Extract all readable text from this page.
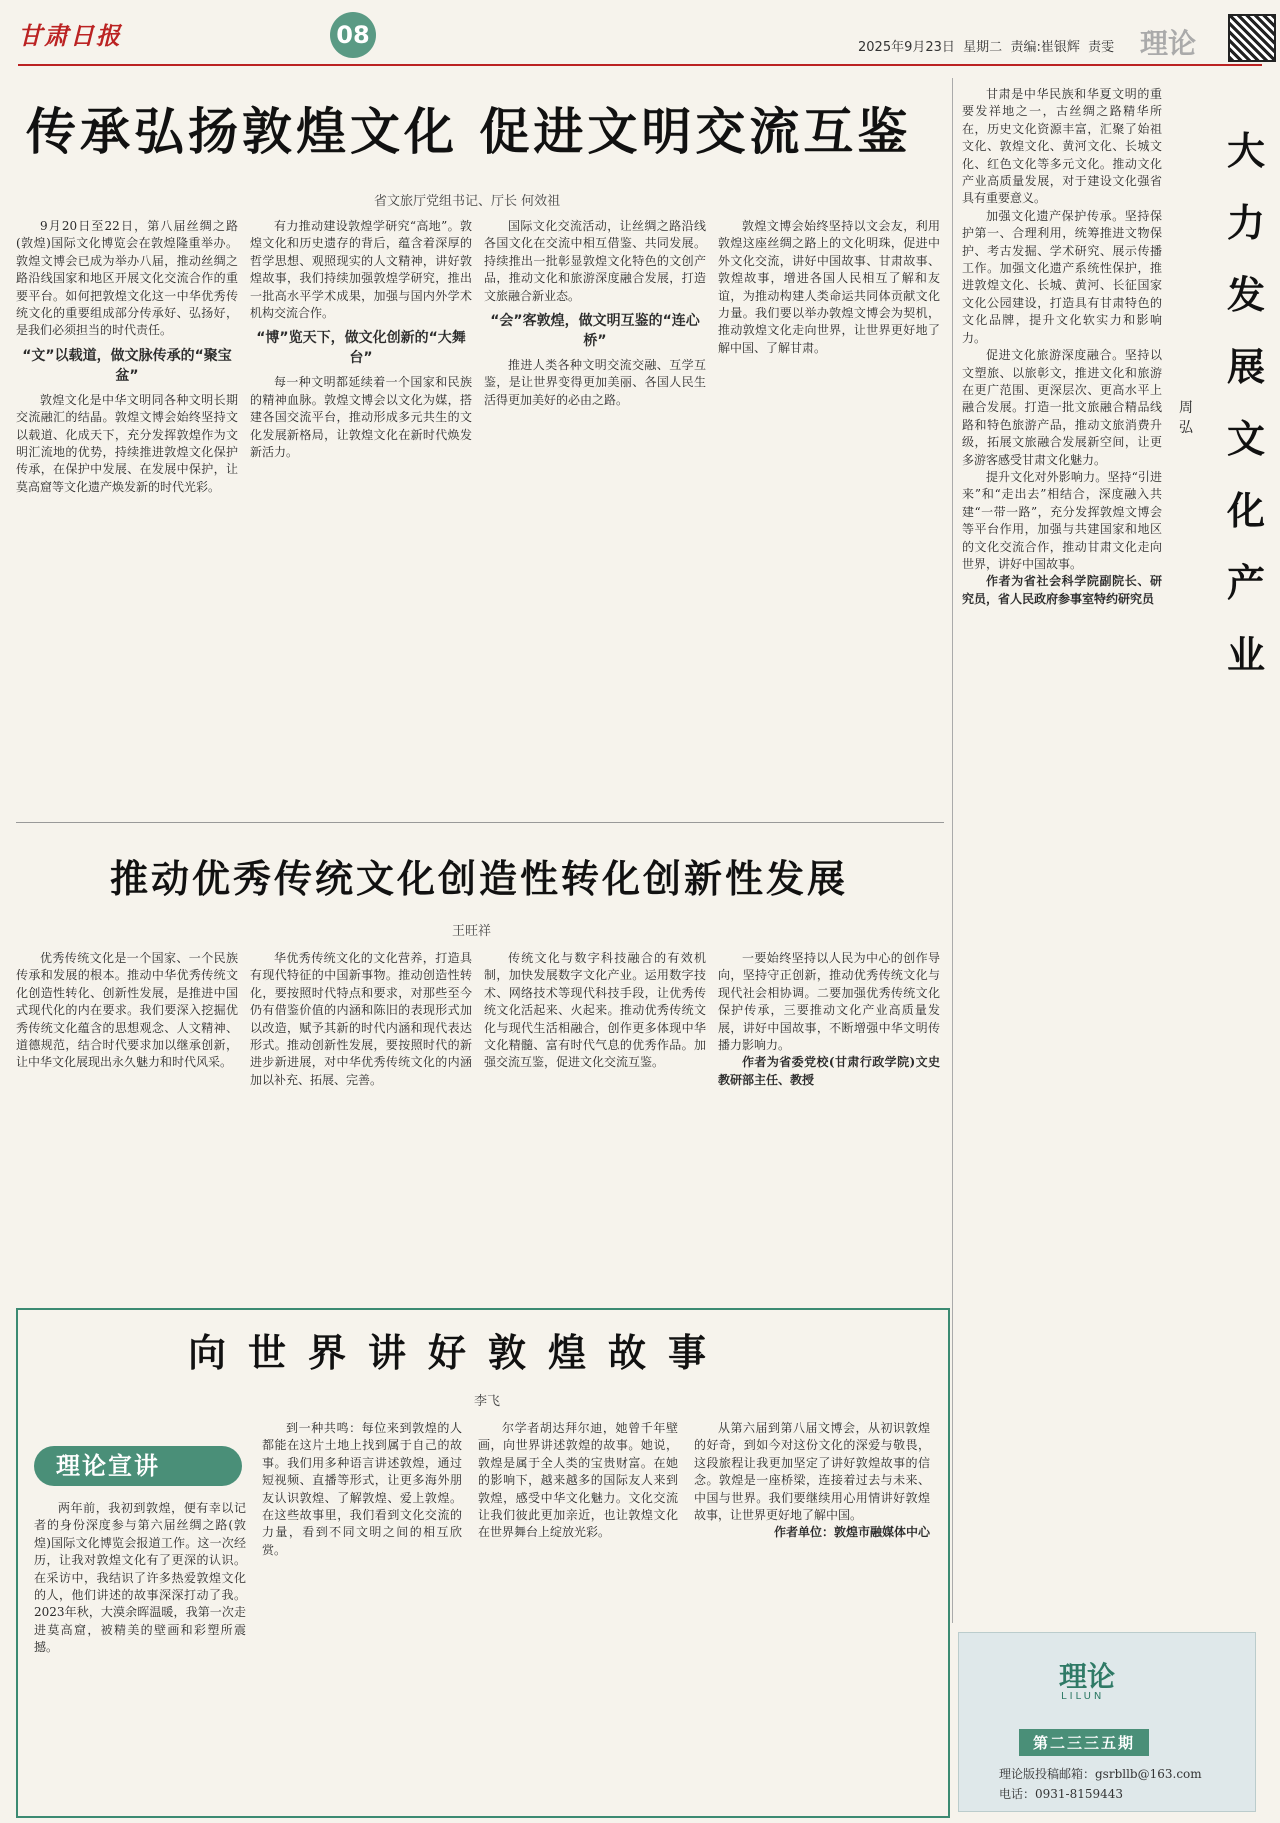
甘肃日报	08	2025年9月23日 星期二 责编:崔银辉 责雯 理论
传承弘扬敦煌文化 促进文明交流互鉴
省文旅厅党组书记、厅长 何效祖

9月20日至22日，第八届丝绸之路(敦煌)国际文化博览会在敦煌隆重举办。敦煌文博会已成为举办八届，推动丝绸之路沿线国家和地区开展文化交流合作的重要平台。如何把敦煌文化这一中华优秀传统文化的重要组成部分传承好、弘扬好，是我们必须担当的时代责任。

“文”以载道，做文脉传承的“聚宝盆”

敦煌文化是中华文明同各种文明长期交流融汇的结晶。敦煌文博会始终坚持文以载道、化成天下，充分发挥敦煌作为文明汇流地的优势，持续推进敦煌文化保护传承，在保护中发展、在发展中保护，让莫高窟等文化遗产焕发新的时代光彩。

有力推动建设敦煌学研究“高地”。敦煌文化和历史遗存的背后，蕴含着深厚的哲学思想、观照现实的人文精神，讲好敦煌故事，我们持续加强敦煌学研究，推出一批高水平学术成果，加强与国内外学术机构交流合作。

“博”览天下，做文化创新的“大舞台”

每一种文明都延续着一个国家和民族的精神血脉。敦煌文博会以文化为媒，搭建各国交流平台，推动形成多元共生的文化发展新格局，让敦煌文化在新时代焕发新活力。

国际文化交流活动，让丝绸之路沿线各国文化在交流中相互借鉴、共同发展。持续推出一批彰显敦煌文化特色的文创产品，推动文化和旅游深度融合发展，打造文旅融合新业态。

“会”客敦煌，做文明互鉴的“连心桥”

推进人类各种文明交流交融、互学互鉴，是让世界变得更加美丽、各国人民生活得更加美好的必由之路。

敦煌文博会始终坚持以文会友，利用敦煌这座丝绸之路上的文化明珠，促进中外文化交流，讲好中国故事、甘肃故事、敦煌故事，增进各国人民相互了解和友谊，为推动构建人类命运共同体贡献文化力量。我们要以举办敦煌文博会为契机，推动敦煌文化走向世界，让世界更好地了解中国、了解甘肃。

推动优秀传统文化创造性转化创新性发展
王旺祥

优秀传统文化是一个国家、一个民族传承和发展的根本。推动中华优秀传统文化创造性转化、创新性发展，是推进中国式现代化的内在要求。我们要深入挖掘优秀传统文化蕴含的思想观念、人文精神、道德规范，结合时代要求加以继承创新，让中华文化展现出永久魅力和时代风采。

华优秀传统文化的文化营养，打造具有现代特征的中国新事物。推动创造性转化，要按照时代特点和要求，对那些至今仍有借鉴价值的内涵和陈旧的表现形式加以改造，赋予其新的时代内涵和现代表达形式。推动创新性发展，要按照时代的新进步新进展，对中华优秀传统文化的内涵加以补充、拓展、完善。

传统文化与数字科技融合的有效机制，加快发展数字文化产业。运用数字技术、网络技术等现代科技手段，让优秀传统文化活起来、火起来。推动优秀传统文化与现代生活相融合，创作更多体现中华文化精髓、富有时代气息的优秀作品。加强交流互鉴，促进文化交流互鉴。

一要始终坚持以人民为中心的创作导向，坚持守正创新，推动优秀传统文化与现代社会相协调。二要加强优秀传统文化保护传承，三要推动文化产业高质量发展，讲好中国故事，不断增强中华文明传播力影响力。

作者为省委党校(甘肃行政学院)文史教研部主任、教授

甘肃是中华民族和华夏文明的重要发祥地之一，古丝绸之路精华所在，历史文化资源丰富，汇聚了始祖文化、敦煌文化、黄河文化、长城文化、红色文化等多元文化。推动文化产业高质量发展，对于建设文化强省具有重要意义。

加强文化遗产保护传承。坚持保护第一、合理利用，统筹推进文物保护、考古发掘、学术研究、展示传播工作。加强文化遗产系统性保护，推进敦煌文化、长城、黄河、长征国家文化公园建设，打造具有甘肃特色的文化品牌，提升文化软实力和影响力。

促进文化旅游深度融合。坚持以文塑旅、以旅彰文，推进文化和旅游在更广范围、更深层次、更高水平上融合发展。打造一批文旅融合精品线路和特色旅游产品，推动文旅消费升级，拓展文旅融合发展新空间，让更多游客感受甘肃文化魅力。

提升文化对外影响力。坚持“引进来”和“走出去”相结合，深度融入共建“一带一路”，充分发挥敦煌文博会等平台作用，加强与共建国家和地区的文化交流合作，推动甘肃文化走向世界，讲好中国故事。

作者为省社会科学院副院长、研究员，省人民政府参事室特约研究员

周弘
大力发展文化产业
向世界讲好敦煌故事
李飞
理论宣讲

两年前，我初到敦煌，便有幸以记者的身份深度参与第六届丝绸之路(敦煌)国际文化博览会报道工作。这一次经历，让我对敦煌文化有了更深的认识。在采访中，我结识了许多热爱敦煌文化的人，他们讲述的故事深深打动了我。2023年秋，大漠余晖温暖，我第一次走进莫高窟，被精美的壁画和彩塑所震撼。

到一种共鸣：每位来到敦煌的人都能在这片土地上找到属于自己的故事。我们用多种语言讲述敦煌，通过短视频、直播等形式，让更多海外朋友认识敦煌、了解敦煌、爱上敦煌。在这些故事里，我们看到文化交流的力量，看到不同文明之间的相互欣赏。

尔学者胡达拜尔迪，她曾千年壁画，向世界讲述敦煌的故事。她说，敦煌是属于全人类的宝贵财富。在她的影响下，越来越多的国际友人来到敦煌，感受中华文化魅力。文化交流让我们彼此更加亲近，也让敦煌文化在世界舞台上绽放光彩。

从第六届到第八届文博会，从初识敦煌的好奇，到如今对这份文化的深爱与敬畏，这段旅程让我更加坚定了讲好敦煌故事的信念。敦煌是一座桥梁，连接着过去与未来、中国与世界。我们要继续用心用情讲好敦煌故事，让世界更好地了解中国。

作者单位：敦煌市融媒体中心

理论
LILUN
第二三三五期
理论版投稿邮箱：gsrbllb@163.com
电话：0931-8159443
